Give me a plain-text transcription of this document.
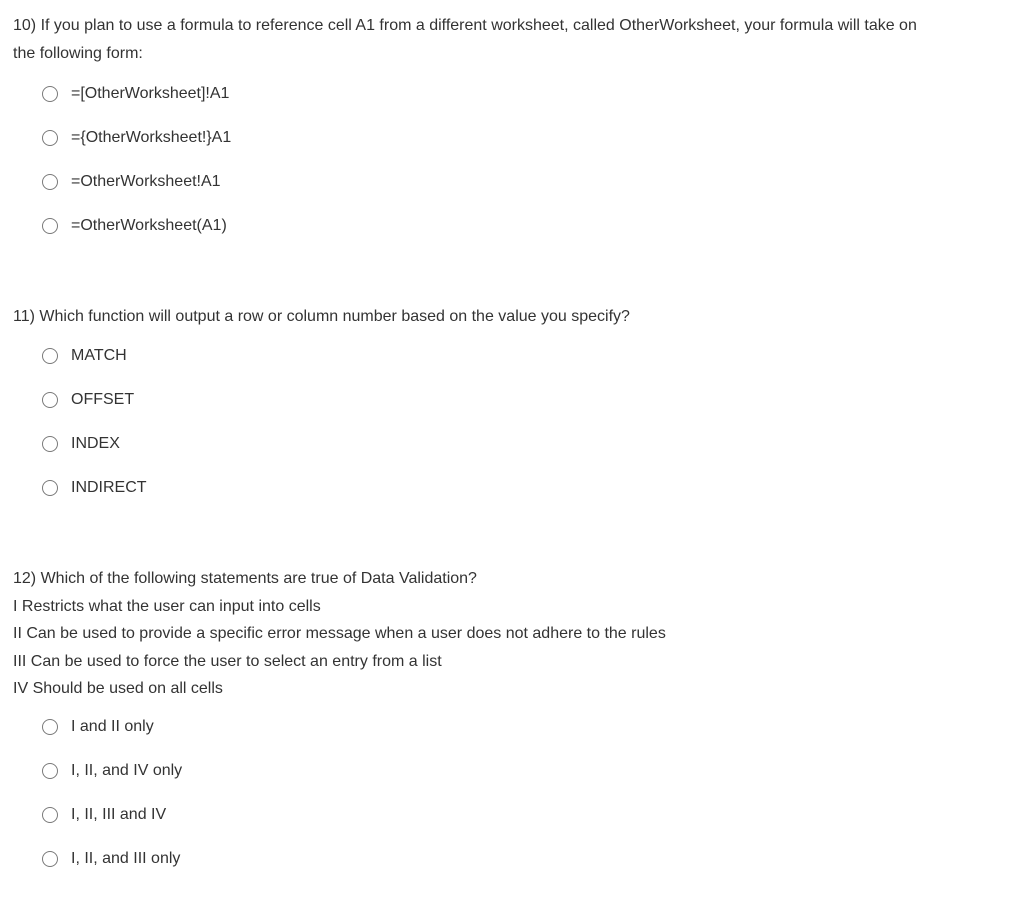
10) If you plan to use a formula to reference cell A1 from a different worksheet, called OtherWorksheet, your formula will take on

the following form:

=[OtherWorksheet]!A1
={OtherWorksheet!}A1
=OtherWorksheet!A1
=OtherWorksheet(A1)

11) Which function will output a row or column number based on the value you specify?

MATCH
OFFSET
INDEX
INDIRECT

12) Which of the following statements are true of Data Validation?

I Restricts what the user can input into cells

II Can be used to provide a specific error message when a user does not adhere to the rules

III Can be used to force the user to select an entry from a list

IV Should be used on all cells

I and II only
I, II, and IV only
I, II, III and IV
I, II, and III only
